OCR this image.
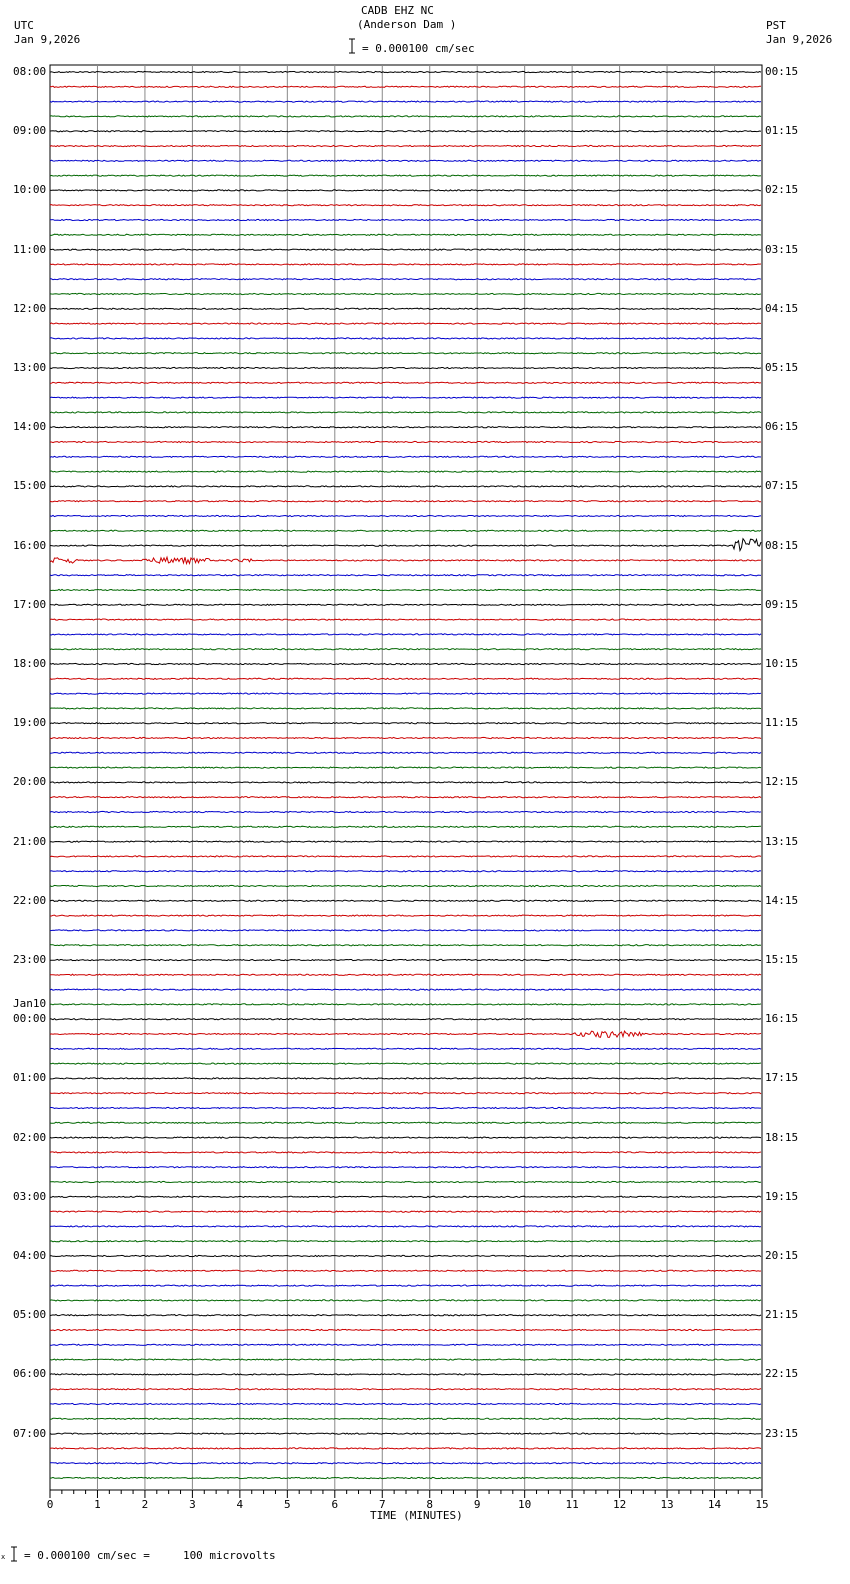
0	1	2	3	4	5	6	7	8	9	10	11	12	13	14	15
CADB EHZ NC
(Anderson Dam )
= 0.000100 cm/sec
UTC
Jan 9,2026
PST
Jan 9,2026
TIME (MINUTES)
x = 0.000100 cm/sec =     100 microvolts
08:00
09:00
10:00
11:00
12:00
13:00
14:00
15:00
16:00
17:00
18:00
19:00
20:00
21:00
22:00
23:00
00:00
Jan10
01:00
02:00
03:00
04:00
05:00
06:00
07:00
00:15
01:15
02:15
03:15
04:15
05:15
06:15
07:15
08:15
09:15
10:15
11:15
12:15
13:15
14:15
15:15
16:15
17:15
18:15
19:15
20:15
21:15
22:15
23:15
